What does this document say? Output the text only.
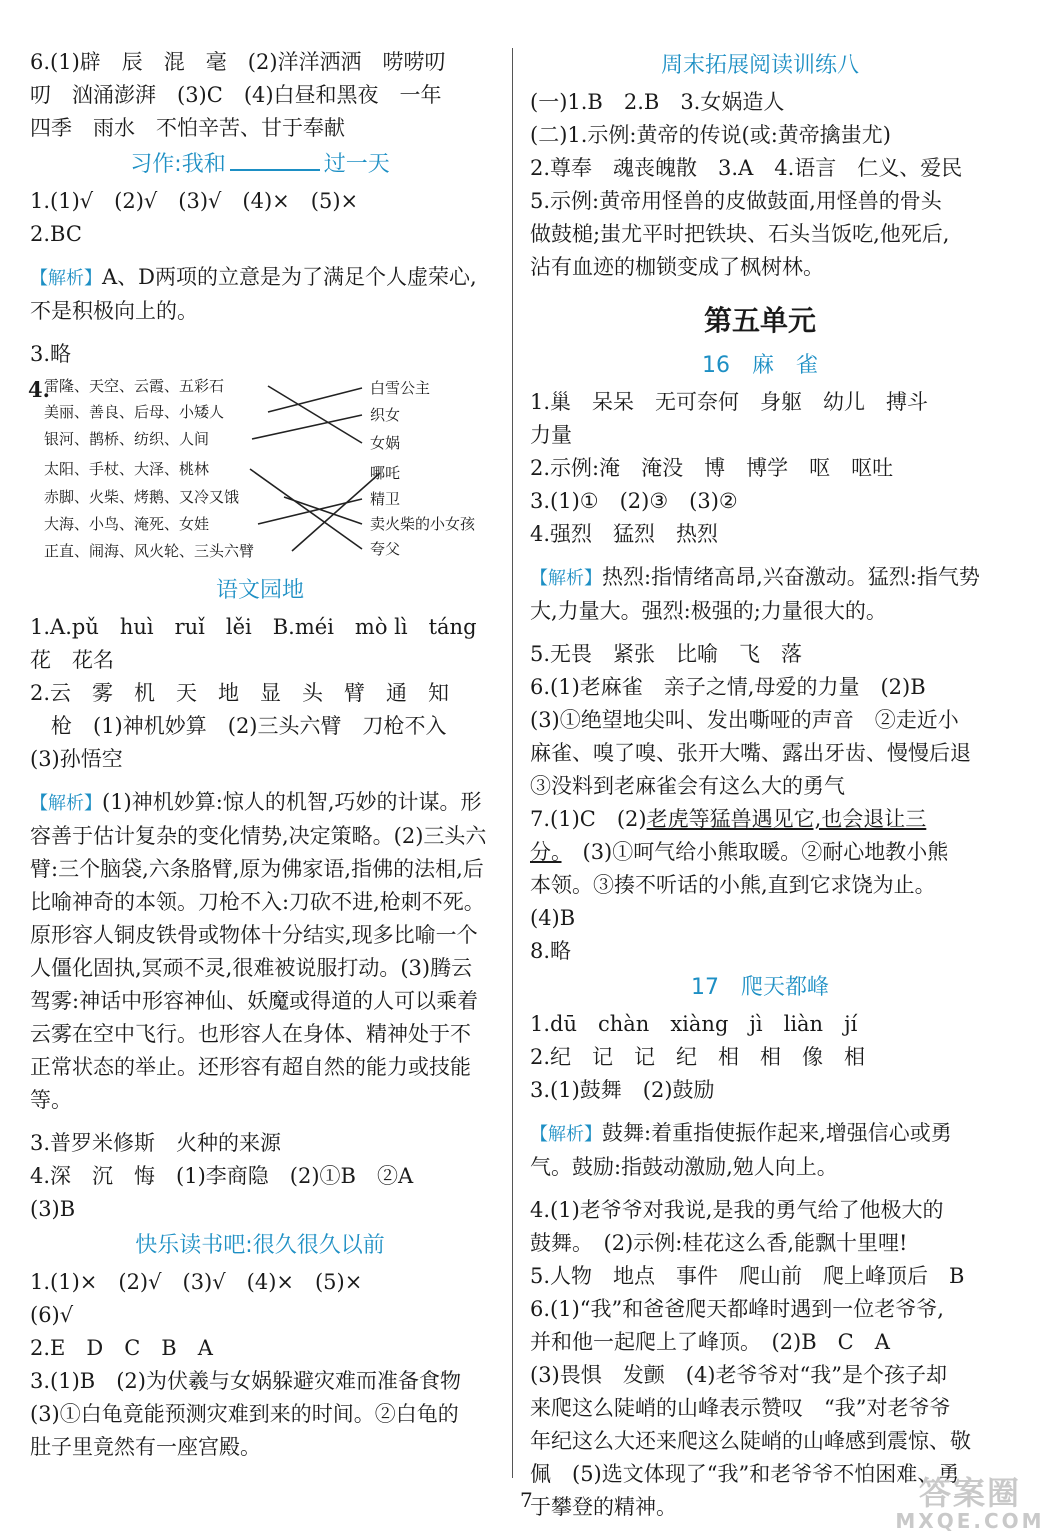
6.(1)辟　辰　混　毫　(2)洋洋洒洒　唠唠叨

叨　汹涌澎湃　(3)C　(4)白昼和黑夜　一年

四季　雨水　不怕辛苦、甘于奉献

习作:我和	过一天

1.(1)√　(2)√　(3)√　(4)×　(5)×

2.BC

【解析】A、D两项的立意是为了满足个人虚荣心,不是积极向上的。

3.略

4.
雷隆、天空、云霞、五彩石
美丽、善良、后母、小矮人
银河、鹊桥、纺织、人间
太阳、手杖、大泽、桃林
赤脚、火柴、烤鹅、又冷又饿
大海、小鸟、淹死、女娃
正直、闹海、风火轮、三头六臂
白雪公主
织女
女娲
哪吒
精卫
卖火柴的小女孩
夸父
语文园地

1.A.pǔ　huì　ruǐ　lěi　B.méi　mò lì　táng

花　花名

2.云　雾　机　天　地　显　头　臂　通　知

　枪　(1)神机妙算　(2)三头六臂　刀枪不入

(3)孙悟空

【解析】(1)神机妙算:惊人的机智,巧妙的计谋。形容善于估计复杂的变化情势,决定策略。(2)三头六臂:三个脑袋,六条胳臂,原为佛家语,指佛的法相,后比喻神奇的本领。刀枪不入:刀砍不进,枪刺不死。原形容人铜皮铁骨或物体十分结实,现多比喻一个人僵化固执,冥顽不灵,很难被说服打动。(3)腾云驾雾:神话中形容神仙、妖魔或得道的人可以乘着云雾在空中飞行。也形容人在身体、精神处于不正常状态的举止。还形容有超自然的能力或技能等。

3.普罗米修斯　火种的来源

4.深　沉　悔　(1)李商隐　(2)①B　②A

(3)B

快乐读书吧:很久很久以前

1.(1)×　(2)√　(3)√　(4)×　(5)×

(6)√

2.E　D　C　B　A

3.(1)B　(2)为伏羲与女娲躲避灾难而准备食物

(3)①白龟竟能预测灾难到来的时间。②白龟的

肚子里竟然有一座宫殿。

周末拓展阅读训练八

(一)1.B　2.B　3.女娲造人

(二)1.示例:黄帝的传说(或:黄帝擒蚩尤)

2.尊奉　魂丧魄散　3.A　4.语言　仁义、爱民

5.示例:黄帝用怪兽的皮做鼓面,用怪兽的骨头

做鼓槌;蚩尤平时把铁块、石头当饭吃,他死后,

沾有血迹的枷锁变成了枫树林。

第五单元
16　麻　雀

1.巢　呆呆　无可奈何　身躯　幼儿　搏斗

力量

2.示例:淹　淹没　博　博学　呕　呕吐

3.(1)①　(2)③　(3)②

4.强烈　猛烈　热烈

【解析】热烈:指情绪高昂,兴奋激动。猛烈:指气势大,力量大。强烈:极强的;力量很大的。

5.无畏　紧张　比喻　飞　落

6.(1)老麻雀　亲子之情,母爱的力量　(2)B

(3)①绝望地尖叫、发出嘶哑的声音　②走近小

麻雀、嗅了嗅、张开大嘴、露出牙齿、慢慢后退

③没料到老麻雀会有这么大的勇气

7.(1)C　(2)老虎等猛兽遇见它,也会退让三

分。　(3)①呵气给小熊取暖。②耐心地教小熊

本领。③揍不听话的小熊,直到它求饶为止。

(4)B

8.略

17　爬天都峰

1.dū　chàn　xiàng　jì　liàn　jí

2.纪　记　记　纪　相　相　像　相

3.(1)鼓舞　(2)鼓励

【解析】鼓舞:着重指使振作起来,增强信心或勇气。鼓励:指鼓动激励,勉人向上。

4.(1)老爷爷对我说,是我的勇气给了他极大的

鼓舞。　(2)示例:桂花这么香,能飘十里哩!

5.人物　地点　事件　爬山前　爬上峰顶后　B

6.(1)“我”和爸爸爬天都峰时遇到一位老爷爷,

并和他一起爬上了峰顶。　(2)B　C　A

(3)畏惧　发颤　(4)老爷爷对“我”是个孩子却

来爬这么陡峭的山峰表示赞叹　“我”对老爷爷

年纪这么大还来爬这么陡峭的山峰感到震惊、敬

佩　(5)选文体现了“我”和老爷爷不怕困难、勇

于攀登的精神。

7	答案圈
MXQE.COM
